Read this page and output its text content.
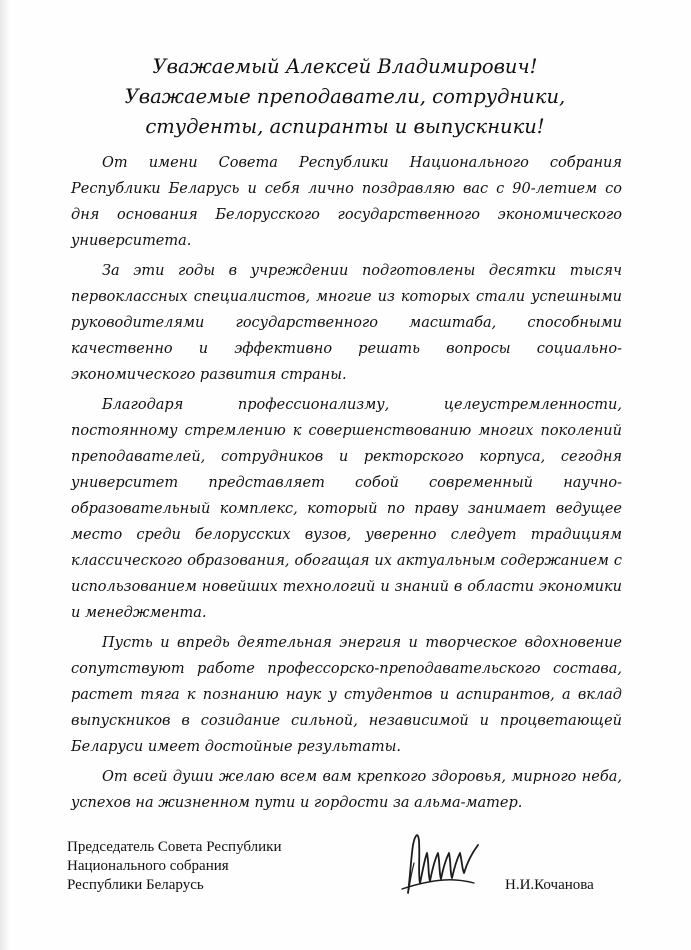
Уважаемый Алексей Владимирович!
Уважаемые преподаватели, сотрудники,
студенты, аспиранты и выпускники!

От имени Совета Республики Национального собрания Республики Беларусь и себя лично поздравляю вас с 90-летием со дня основания Белорусского государственного экономического университета.

За эти годы в учреждении подготовлены десятки тысяч первоклассных специалистов, многие из которых стали успешными руководителями государственного масштаба, способными качественно и эффективно решать вопросы социально-экономического развития страны.

Благодаря профессионализму, целеустремленности, постоянному стремлению к совершенствованию многих поколений преподавателей, сотрудников и ректорского корпуса, сегодня университет представляет собой современный научно-образовательный комплекс, который по праву занимает ведущее место среди белорусских вузов, уверенно следует традициям классического образования, обогащая их актуальным содержанием с использованием новейших технологий и знаний в области экономики и менеджмента.

Пусть и впредь деятельная энергия и творческое вдохновение сопутствуют работе профессорско-преподавательского состава, растет тяга к познанию наук у студентов и аспирантов, а вклад выпускников в созидание сильной, независимой и процветающей Беларуси имеет достойные результаты.

От всей души желаю всем вам крепкого здоровья, мирного неба, успехов на жизненном пути и гордости за альма-матер.

Председатель Совета Республики
Национального собрания
Республики Беларусь	Н.И.Кочанова
